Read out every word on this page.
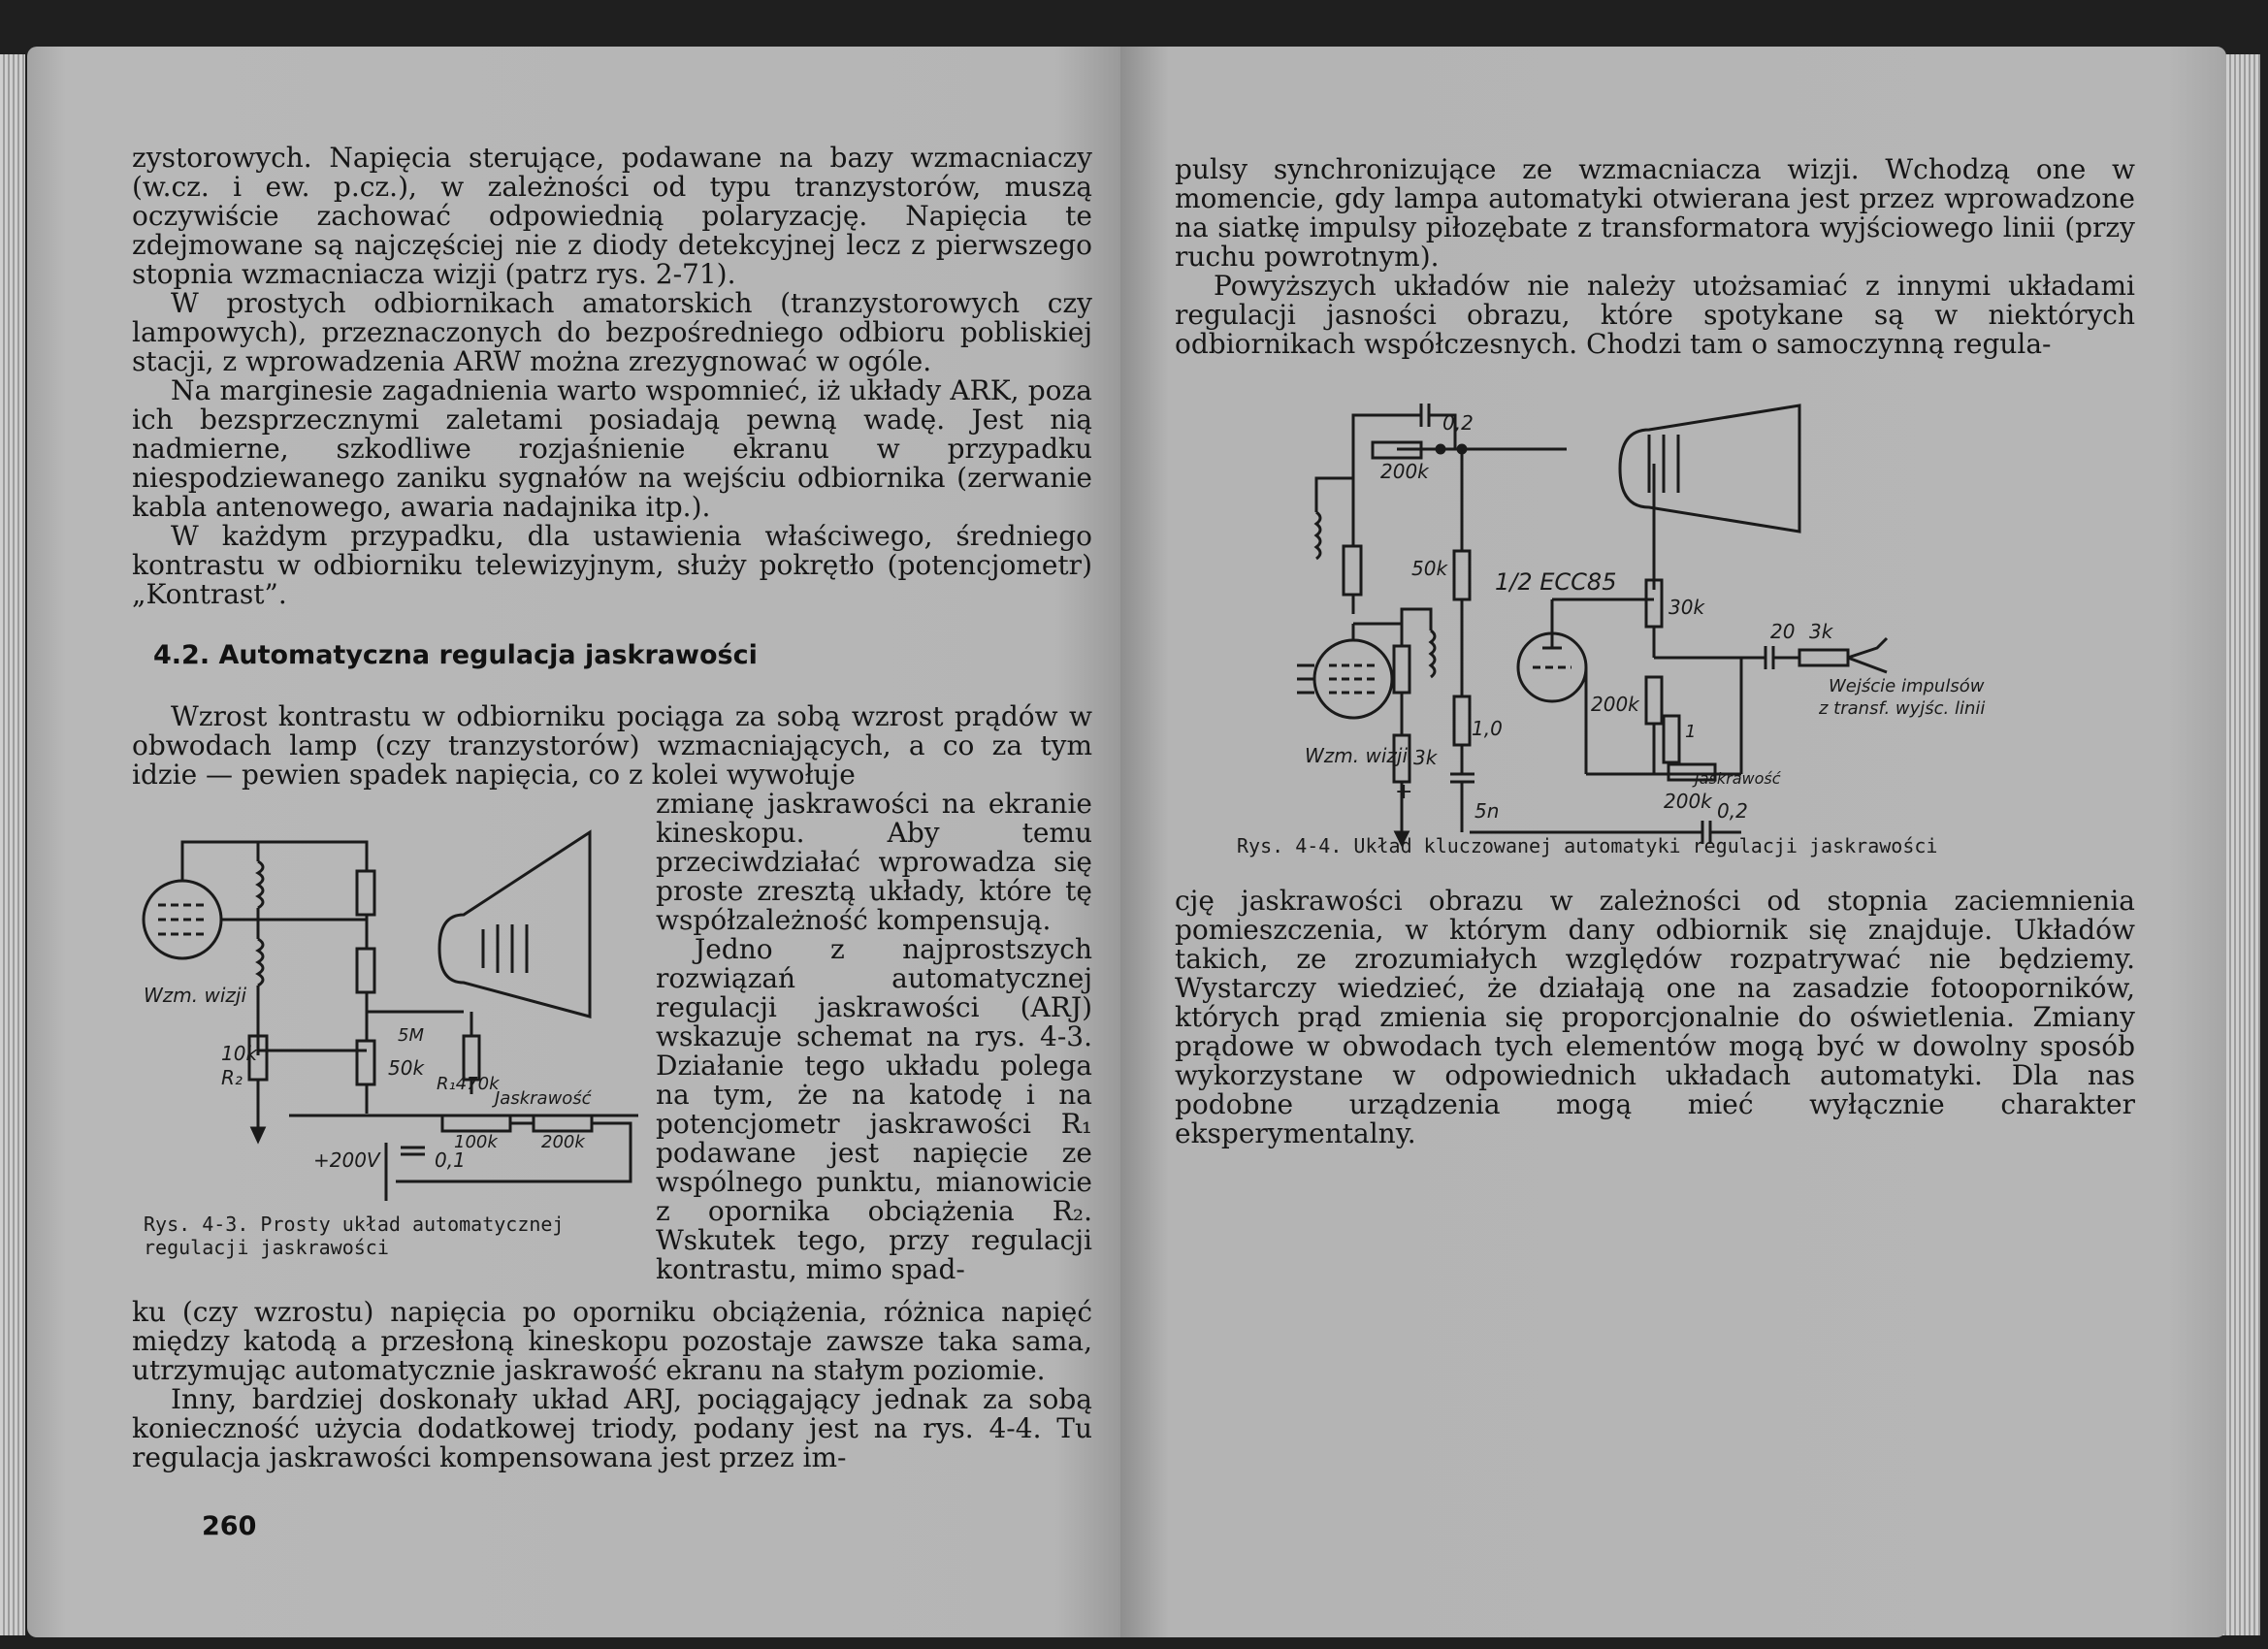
zystorowych. Napięcia sterujące, podawane na bazy wzmacniaczy (w.cz. i ew. p.cz.), w zależności od typu tranzystorów, muszą oczywiście zachować odpowiednią polaryzację. Napięcia te zdejmowane są najczęściej nie z diody detekcyjnej lecz z pierwszego stopnia wzmacniacza wizji (patrz rys. 2-71).

W prostych odbiornikach amatorskich (tranzystorowych czy lampowych), przeznaczonych do bezpośredniego odbioru pobliskiej stacji, z wprowadzenia ARW można zrezygnować w ogóle.

Na marginesie zagadnienia warto wspomnieć, iż układy ARK, poza ich bezsprzecznymi zaletami posiadają pewną wadę. Jest nią nadmierne, szkodliwe rozjaśnienie ekranu w przypadku niespodziewanego zaniku sygnałów na wejściu odbiornika (zerwanie kabla antenowego, awaria nadajnika itp.).

W każdym przypadku, dla ustawienia właściwego, średniego kontrastu w odbiorniku telewizyjnym, służy pokrętło (potencjometr) „Kontrast”.

4.2. Automatyczna regulacja jaskrawości

Wzrost kontrastu w odbiorniku pociąga za sobą wzrost prądów w obwodach lamp (czy tranzystorów) wzmacniających, a co za tym idzie — pewien spadek napięcia, co z kolei wywołuje

zmianę jaskrawości na ekranie kineskopu. Aby temu przeciwdziałać wprowadza się proste zresztą układy, które tę współzależność kompensują.

Jedno z najprostszych rozwiązań automatycznej regulacji jaskrawości (ARJ) wskazuje schemat na rys. 4-3. Działanie tego układu polega na tym, że na katodę i na potencjometr jaskrawości R₁ podawane jest napięcie ze wspólnego punktu, mianowicie z opornika obciążenia R₂. Wskutek tego, przy regulacji kontrastu, mimo spad-

Wzm. wizji
10k
R₂	50k
R₁470k
5M
Jaskrawość
100k	200k
+200V	0,1

Rys. 4-3. Prosty układ automatycznej regulacji jaskrawości

ku (czy wzrostu) napięcia po oporniku obciążenia, różnica napięć między katodą a przesłoną kineskopu pozostaje zawsze taka sama, utrzymując automatycznie jaskrawość ekranu na stałym poziomie.

Inny, bardziej doskonały układ ARJ, pociągający jednak za sobą konieczność użycia dodatkowej triody, podany jest na rys. 4-4. Tu regulacja jaskrawości kompensowana jest przez im-

260

pulsy synchronizujące ze wzmacniacza wizji. Wchodzą one w momencie, gdy lampa automatyki otwierana jest przez wprowadzone na siatkę impulsy piłozębate z transformatora wyjściowego linii (przy ruchu powrotnym).

Powyższych układów nie należy utożsamiać z innymi układami regulacji jasności obrazu, które spotykane są w niektórych odbiornikach współczesnych. Chodzi tam o samoczynną regula-

0,2
200k
50k 1/2 ECC85
30k
20 3k
Wejście impulsów
z transf. wyjśc. linii
200k
1
Jaskrawość
1,0
Wzm. wizji 3k
200k
5n	0,2
+

Rys. 4-4. Układ kluczowanej automatyki regulacji jaskrawości

cję jaskrawości obrazu w zależności od stopnia zaciemnienia pomieszczenia, w którym dany odbiornik się znajduje. Układów takich, ze zrozumiałych względów rozpatrywać nie będziemy. Wystarczy wiedzieć, że działają one na zasadzie fotooporników, których prąd zmienia się proporcjonalnie do oświetlenia. Zmiany prądowe w obwodach tych elementów mogą być w dowolny sposób wykorzystane w odpowiednich układach automatyki. Dla nas podobne urządzenia mogą mieć wyłącznie charakter eksperymentalny.
